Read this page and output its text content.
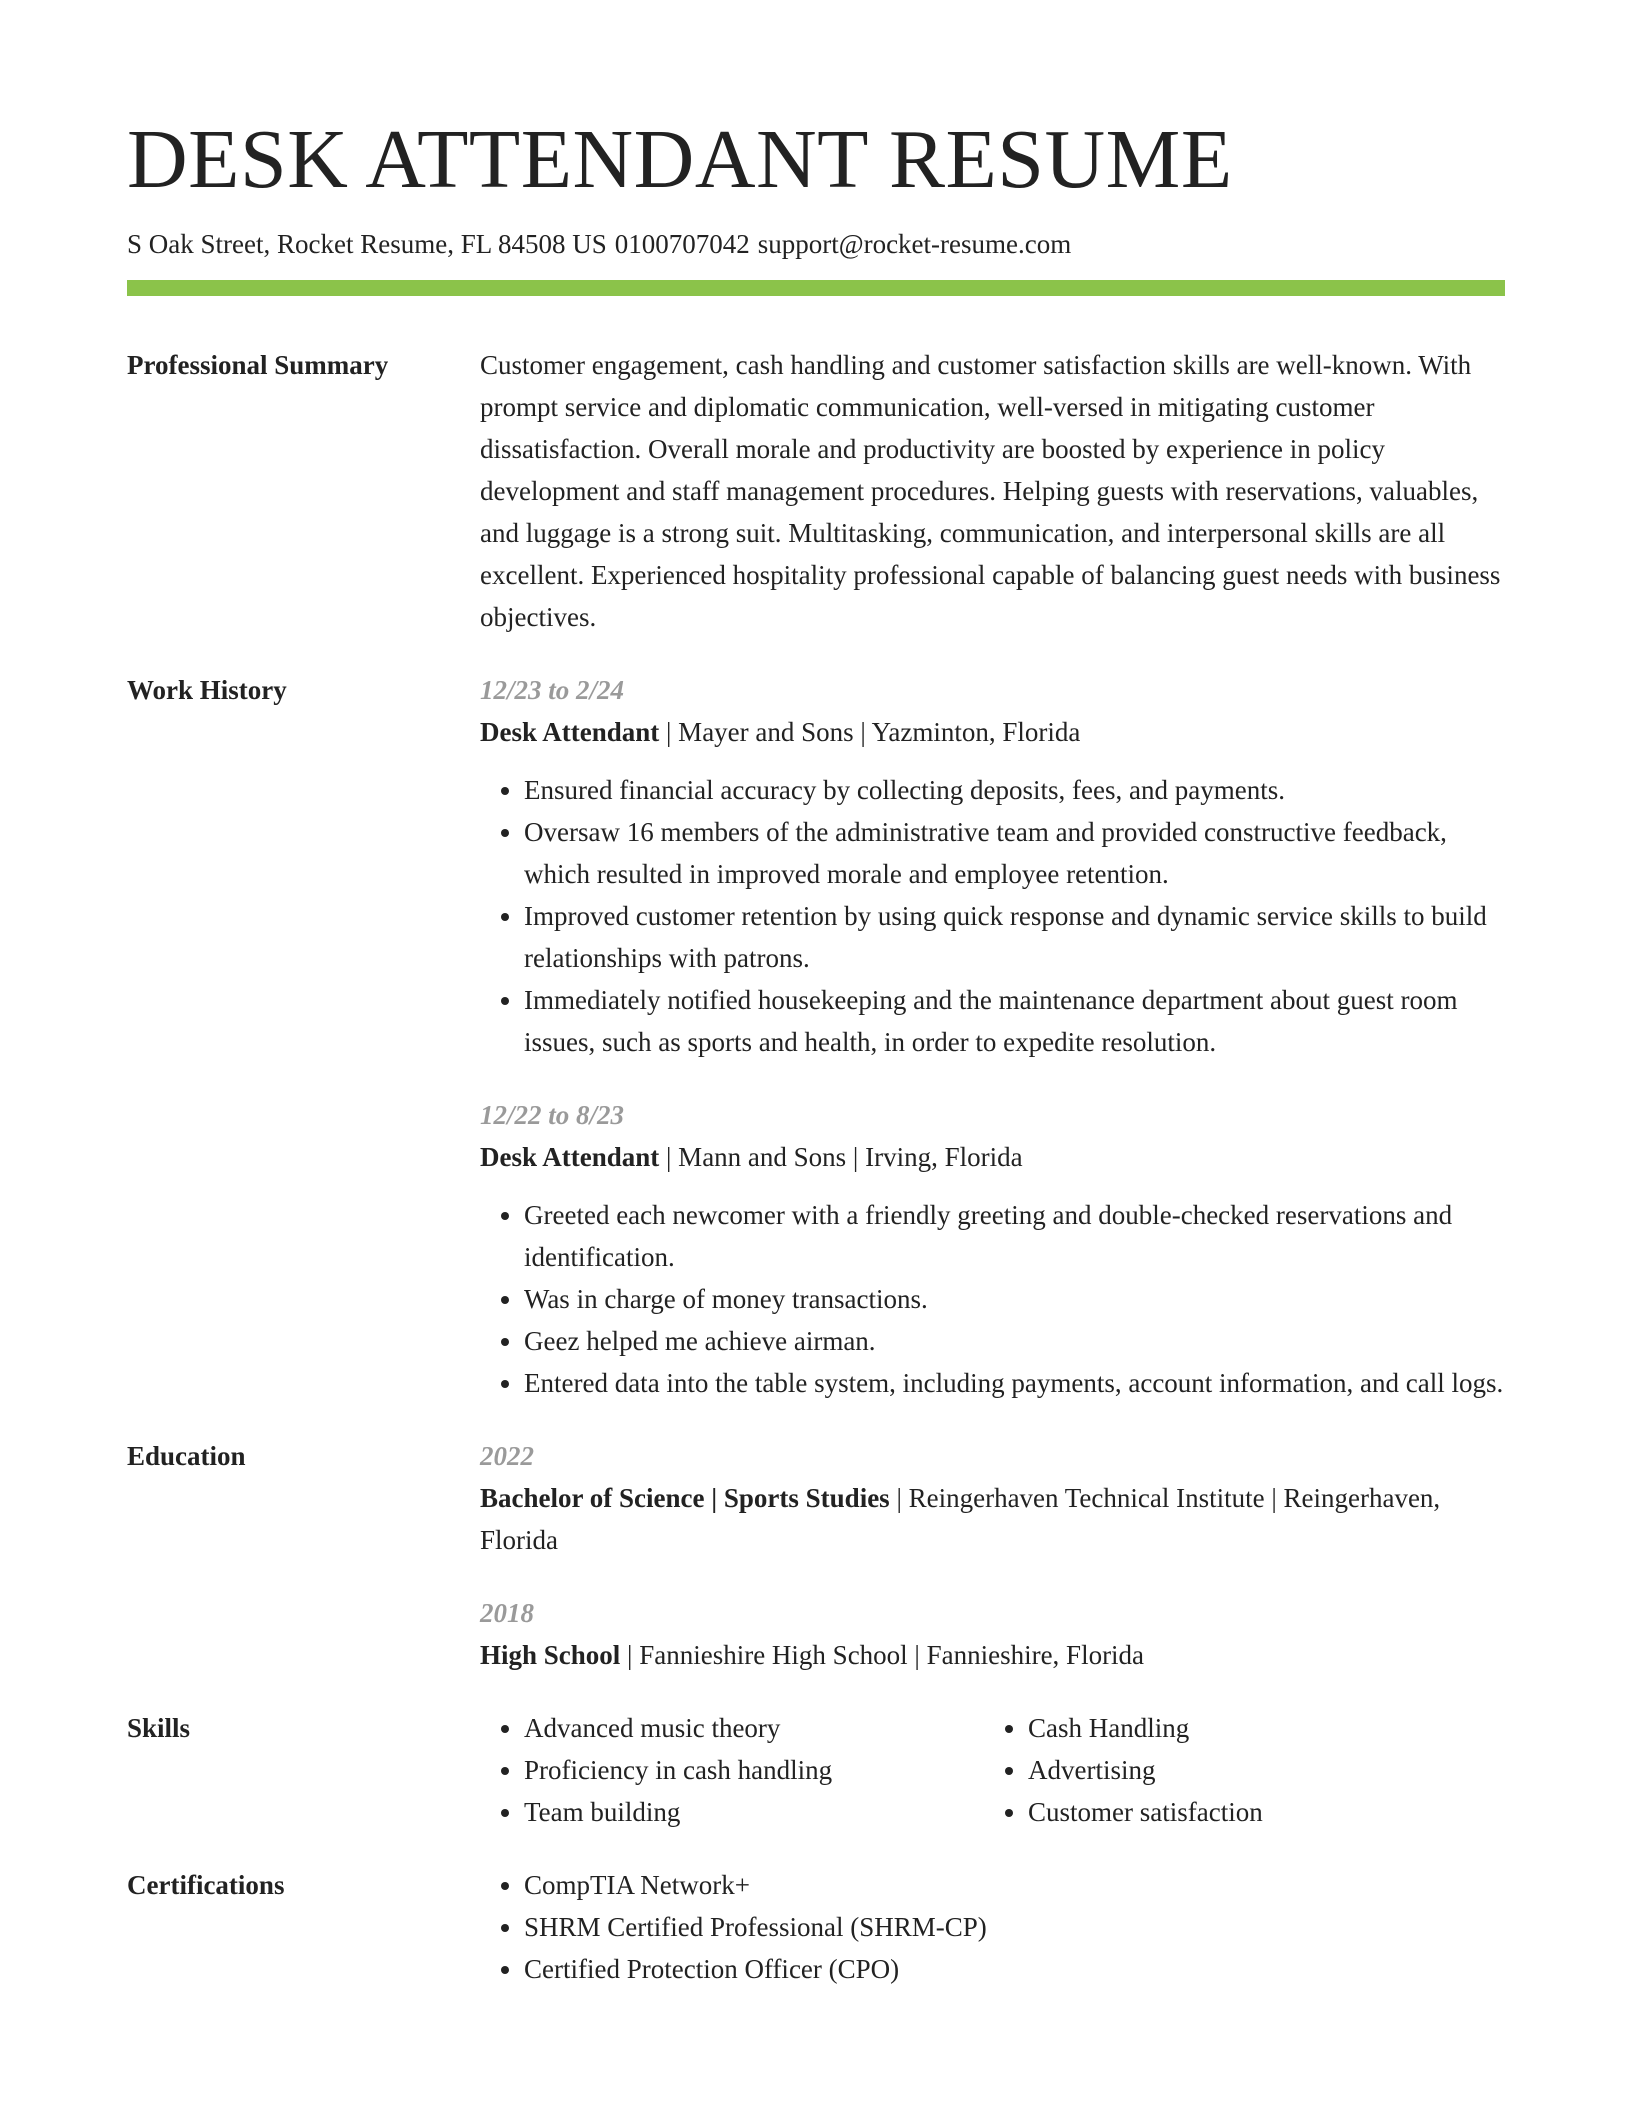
DESK ATTENDANT RESUME
S Oak Street, Rocket Resume, FL 84508 US 0100707042 support@rocket-resume.com
Professional Summary	Customer engagement, cash handling and customer satisfaction skills are well-known. With prompt service and diplomatic communication, well-versed in mitigating customer dissatisfaction. Overall morale and productivity are boosted by experience in policy development and staff management procedures. Helping guests with reservations, valuables, and luggage is a strong suit. Multitasking, communication, and interpersonal skills are all excellent. Experienced hospitality professional capable of balancing guest needs with business objectives.

Work History	12/23 to 2/24
Desk Attendant | Mayer and Sons | Yazminton, Florida
• Ensured financial accuracy by collecting deposits, fees, and payments.
• Oversaw 16 members of the administrative team and provided constructive feedback, which resulted in improved morale and employee retention.
• Improved customer retention by using quick response and dynamic service skills to build relationships with patrons.
• Immediately notified housekeeping and the maintenance department about guest room issues, such as sports and health, in order to expedite resolution.
12/22 to 8/23
Desk Attendant | Mann and Sons | Irving, Florida
• Greeted each newcomer with a friendly greeting and double-checked reservations and identification.
• Was in charge of money transactions.
• Geez helped me achieve airman.
• Entered data into the table system, including payments, account information, and call logs.
Education	2022
Bachelor of Science | Sports Studies | Reingerhaven Technical Institute | Reingerhaven, Florida
2018
High School | Fannieshire High School | Fannieshire, Florida
Skills	• Advanced music theory
• Proficiency in cash handling
• Team building
• Cash Handling
• Advertising
• Customer satisfaction
Certifications	• CompTIA Network+
• SHRM Certified Professional (SHRM-CP)
• Certified Protection Officer (CPO)
